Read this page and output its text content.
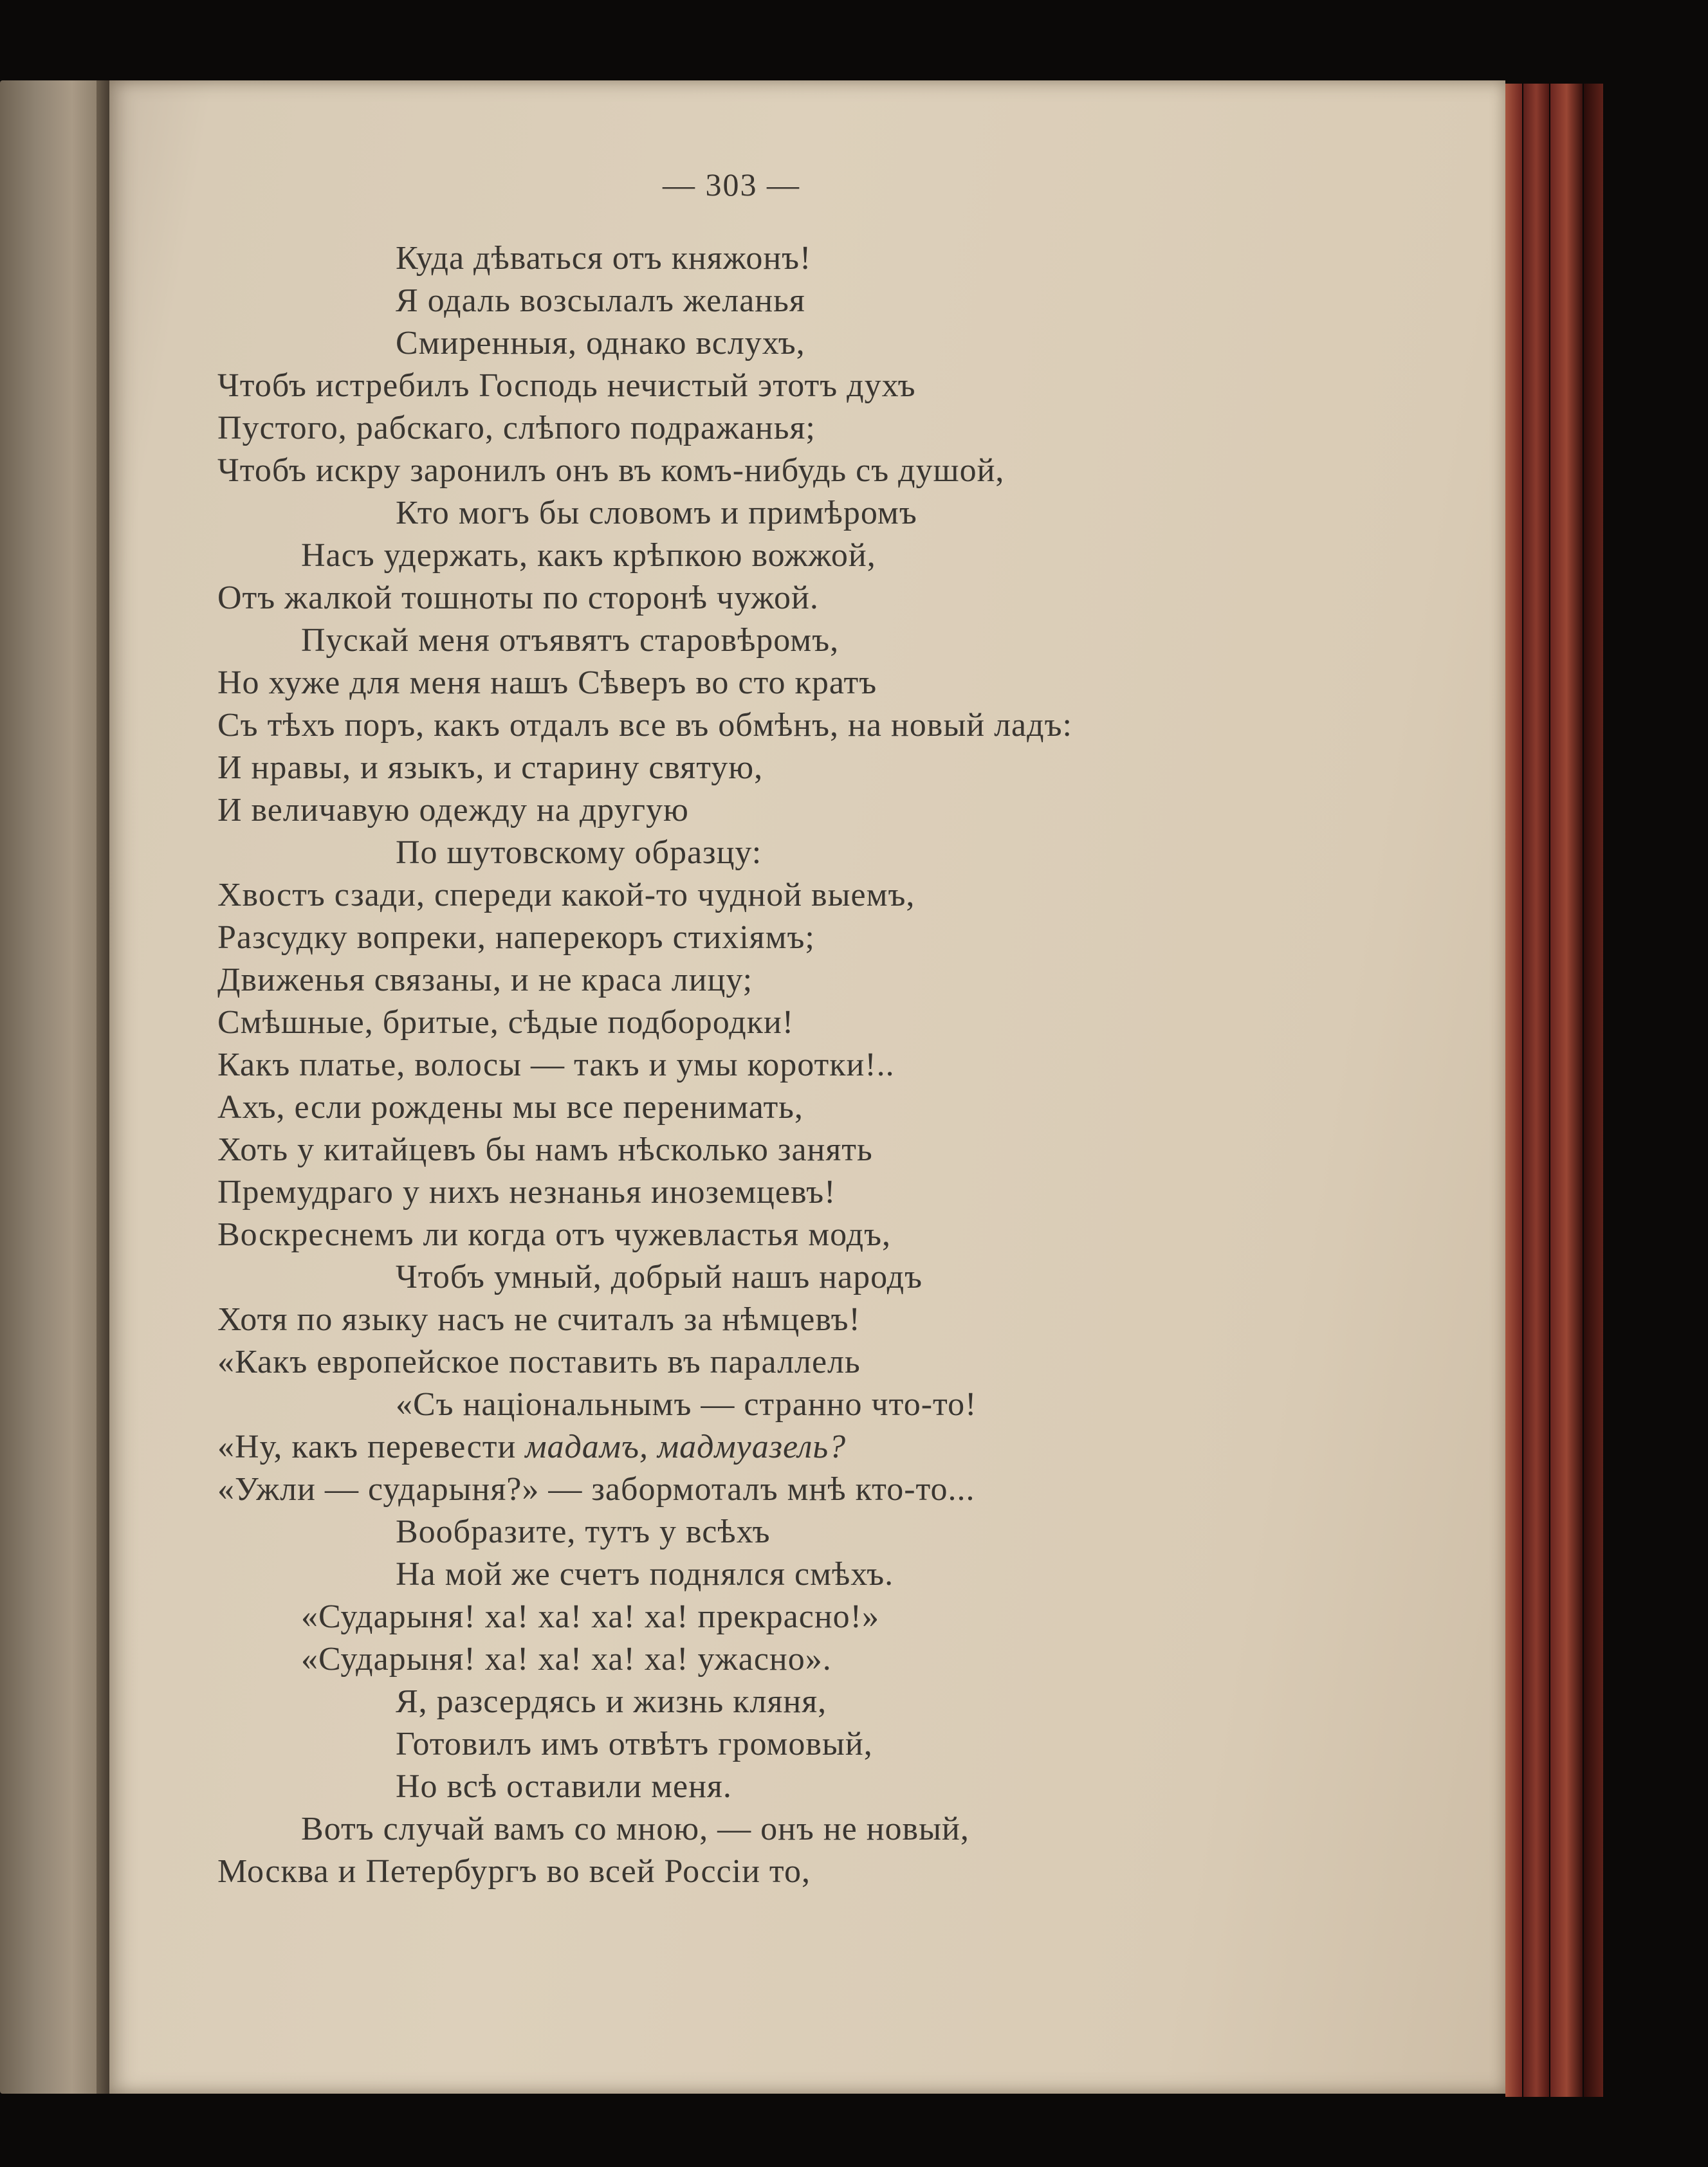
— 303 —
Куда дѣваться отъ княжонъ!
Я одаль возсылалъ желанья
Смиренныя, однако вслухъ,
Чтобъ истребилъ Господь нечистый этотъ духъ
Пустого, рабскаго, слѣпого подражанья;
Чтобъ искру заронилъ онъ въ комъ-нибудь съ душой,
Кто могъ бы словомъ и примѣромъ
Насъ удержать, какъ крѣпкою вожжой,
Отъ жалкой тошноты по сторонѣ чужой.
Пускай меня отъявятъ старовѣромъ,
Но хуже для меня нашъ Сѣверъ во сто кратъ
Съ тѣхъ поръ, какъ отдалъ все въ обмѣнъ, на новый ладъ:
И нравы, и языкъ, и старину святую,
И величавую одежду на другую
По шутовскому образцу:
Хвостъ сзади, спереди какой-то чудной выемъ,
Разсудку вопреки, наперекоръ стихіямъ;
Движенья связаны, и не краса лицу;
Смѣшные, бритые, сѣдые подбородки!
Какъ платье, волосы — такъ и умы коротки!..
Ахъ, если рождены мы все перенимать,
Хоть у китайцевъ бы намъ нѣсколько занять
Премудраго у нихъ незнанья иноземцевъ!
Воскреснемъ ли когда отъ чужевластья модъ,
Чтобъ умный, добрый нашъ народъ
Хотя по языку насъ не считалъ за нѣмцевъ!
«Какъ европейское поставить въ параллель
«Съ національнымъ — странно что-то!
«Ну, какъ перевести мадамъ, мадмуазель?
«Ужли — сударыня?» — забормоталъ мнѣ кто-то...
Вообразите, тутъ у всѣхъ
На мой же счетъ поднялся смѣхъ.
«Сударыня! ха! ха! ха! ха! прекрасно!»
«Сударыня! ха! ха! ха! ха! ужасно».
Я, разсердясь и жизнь кляня,
Готовилъ имъ отвѣтъ громовый,
Но всѣ оставили меня.
Вотъ случай вамъ со мною, — онъ не новый,
Москва и Петербургъ во всей Россіи то,
